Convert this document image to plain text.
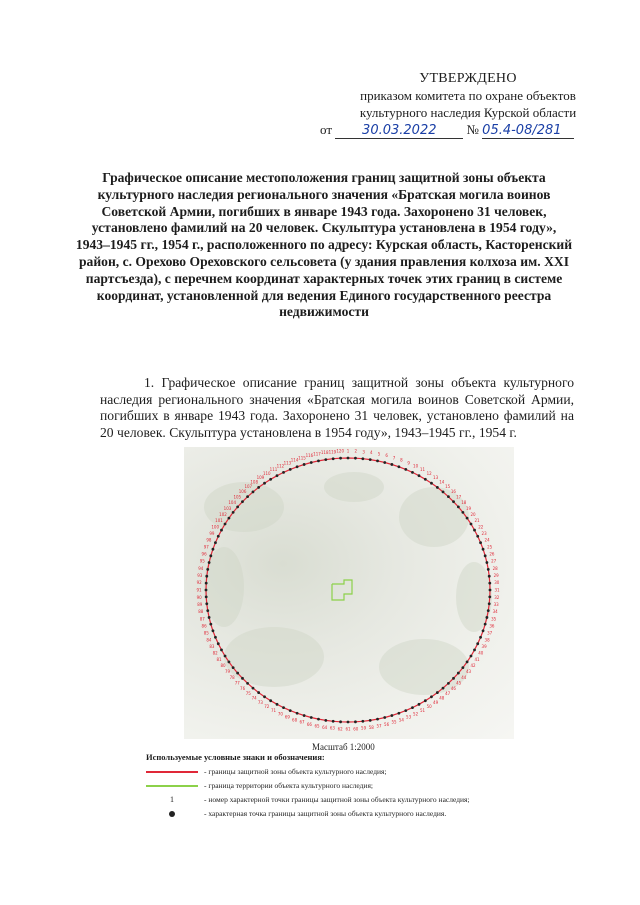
УТВЕРЖДЕНО
приказом комитета по охране объектов
культурного наследия Курской области
от 30.03.2022 № 05.4-08/281
Графическое описание местоположения границ защитной зоны объекта культурного наследия регионального значения «Братская могила воинов Советской Армии, погибших в январе 1943 года. Захоронено 31 человек, установлено фамилий на 20 человек. Скульптура установлена в 1954 году», 1943–1945 гг., 1954 г., расположенного по адресу: Курская область, Касторенский район, с. Орехово Ореховского сельсовета (у здания правления колхоза им. XXI партсъезда), с перечнем координат характерных точек этих границ в системе координат, установленной для ведения Единого государственного реестра недвижимости
1. Графическое описание границ защитной зоны объекта культурного наследия регионального значения «Братская могила воинов Советской Армии, погибших в январе 1943 года. Захоронено 31 человек, установлено фамилий на 20 человек. Скульптура установлена в 1954 году», 1943–1945 гг., 1954 г.
1 2 3 4 5 6 7 8
9
10
11
12
13
14
15
16
17
18
19
20
21
22
23
24
25
26
27
28
29
30
31
32
33
34
35
36
37
38
39
40
41
42
43
44
45
46
47
48
49
50
51
52
53
54
55
56
57
58
59
60
61
62
63
64
65
66
67
68
69
70
71
72
73
74
75
76
77
78
79
80
81
82
83
84
85
86
87
88
89
90
91
92
93
94
95
96
97
98
99
100
101
102
103
104
105
106
107
108
109
110
111
112
113
114 115 116 117 118 119 120
Масштаб 1:2000
Используемые условные знаки и обозначения:
- границы защитной зоны объекта культурного наследия;
- граница территории объекта культурного наследия;
1	- номер характерной точки границы защитной зоны объекта культурного наследия;
- характерная точка границы защитной зоны объекта культурного наследия.
